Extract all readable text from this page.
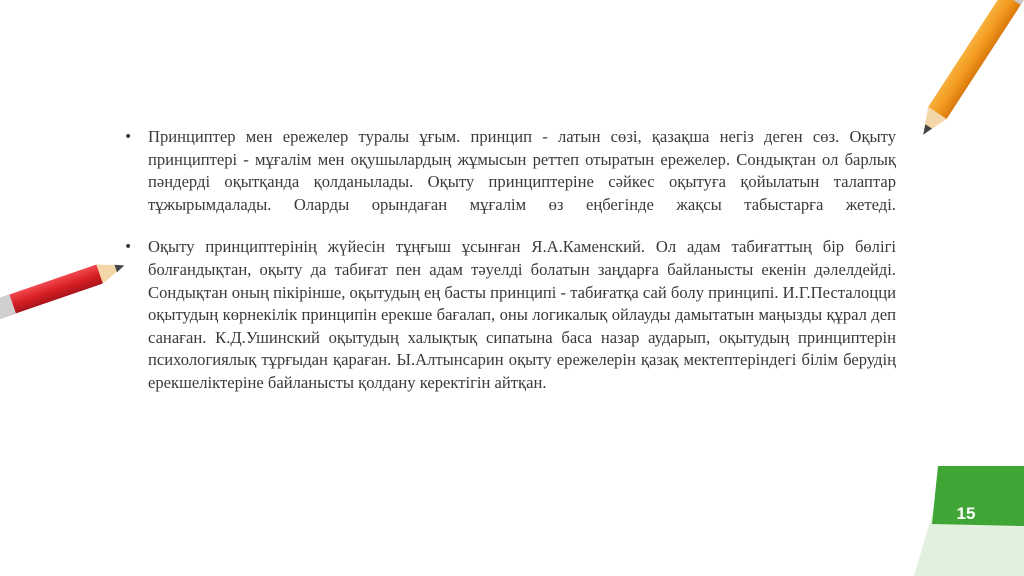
15
• Принциптер мен ережелер туралы ұғым. принцип - латын сөзі, қазақша негіз деген сөз. Оқыту принциптері - мұғалім мен оқушылардың жұмысын реттеп отыратын ережелер. Сондықтан ол барлық пәндерді оқытқанда қолданылады. Оқыту принциптеріне сәйкес оқытуға қойылатын талаптар тұжырымдалады. Оларды орындаған мұғалім өз еңбегінде жақсы табыстарға жетеді.
• Оқыту принциптерінің жүйесін тұңғыш ұсынған Я.А.Каменский. Ол адам табиғаттың бір бөлігі болғандықтан, оқыту да табиғат пен адам тәуелді болатын заңдарға байланысты екенін дәлелдейді. Сондықтан оның пікірінше, оқытудың ең басты принципі - табиғатқа сай болу принципі. И.Г.Песталоцци оқытудың көрнекілік принципін ерекше бағалап, оны логикалық ойлауды дамытатын маңызды құрал деп санаған. К.Д.Ушинский оқытудың халықтық сипатына баса назар аударып, оқытудың принциптерін психологиялық тұрғыдан қараған. Ы.Алтынсарин оқыту ережелерін қазақ мектептеріндегі білім берудің ерекшеліктеріне байланысты қолдану керектігін айтқан.
